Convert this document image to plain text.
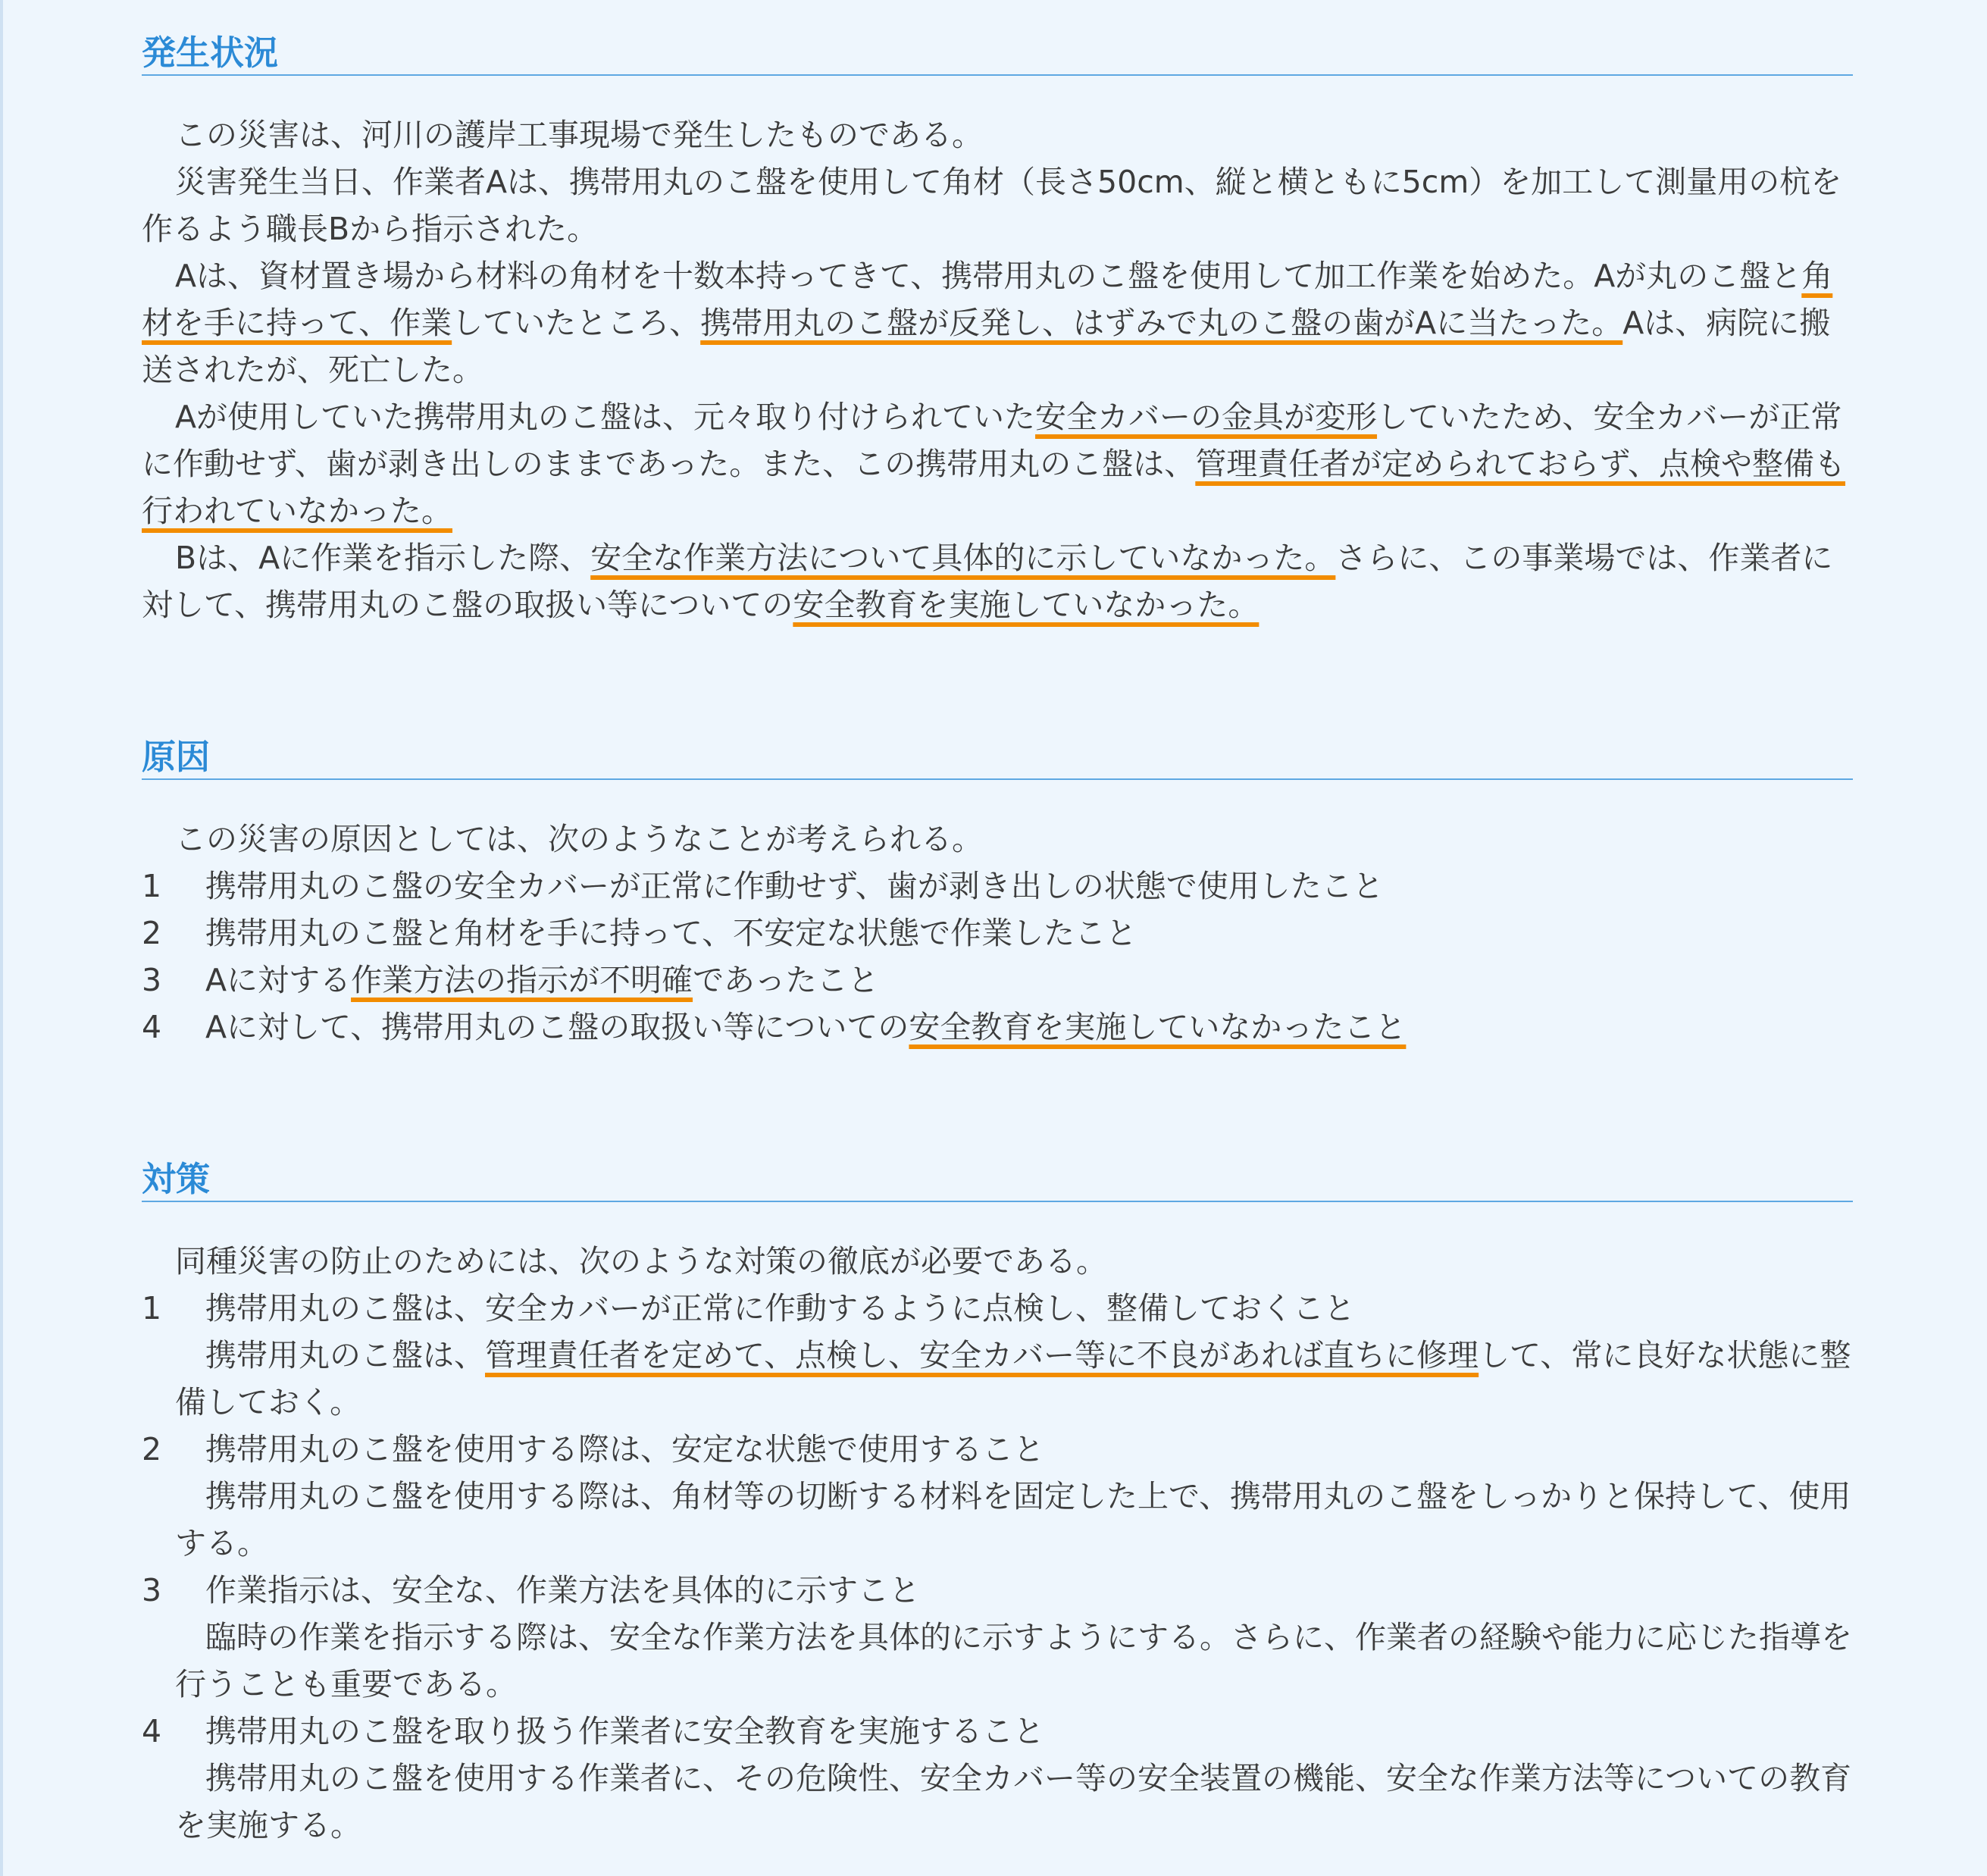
発生状況

この災害は、河川の護岸工事現場で発生したものである。

災害発生当日、作業者Aは、携帯用丸のこ盤を使用して角材（長さ50cm、縦と横ともに5cm）を加工して測量用の杭を作るよう職長Bから指示された。

Aは、資材置き場から材料の角材を十数本持ってきて、携帯用丸のこ盤を使用して加工作業を始めた。Aが丸のこ盤と角材を手に持って、作業していたところ、携帯用丸のこ盤が反発し、はずみで丸のこ盤の歯がAに当たった。Aは、病院に搬送されたが、死亡した。

Aが使用していた携帯用丸のこ盤は、元々取り付けられていた安全カバーの金具が変形していたため、安全カバーが正常に作動せず、歯が剥き出しのままであった。また、この携帯用丸のこ盤は、管理責任者が定められておらず、点検や整備も行われていなかった。

Bは、Aに作業を指示した際、安全な作業方法について具体的に示していなかった。さらに、この事業場では、作業者に対して、携帯用丸のこ盤の取扱い等についての安全教育を実施していなかった。

原因

この災害の原因としては、次のようなことが考えられる。

1 携帯用丸のこ盤の安全カバーが正常に作動せず、歯が剥き出しの状態で使用したこと
2 携帯用丸のこ盤と角材を手に持って、不安定な状態で作業したこと
3 Aに対する作業方法の指示が不明確であったこと
4 Aに対して、携帯用丸のこ盤の取扱い等についての安全教育を実施していなかったこと
対策

同種災害の防止のためには、次のような対策の徹底が必要である。

1 携帯用丸のこ盤は、安全カバーが正常に作動するように点検し、整備しておくこと
携帯用丸のこ盤は、管理責任者を定めて、点検し、安全カバー等に不良があれば直ちに修理して、常に良好な状態に整備しておく。
2 携帯用丸のこ盤を使用する際は、安定な状態で使用すること
携帯用丸のこ盤を使用する際は、角材等の切断する材料を固定した上で、携帯用丸のこ盤をしっかりと保持して、使用する。
3 作業指示は、安全な、作業方法を具体的に示すこと
臨時の作業を指示する際は、安全な作業方法を具体的に示すようにする。さらに、作業者の経験や能力に応じた指導を行うことも重要である。
4 携帯用丸のこ盤を取り扱う作業者に安全教育を実施すること
携帯用丸のこ盤を使用する作業者に、その危険性、安全カバー等の安全装置の機能、安全な作業方法等についての教育を実施する。
